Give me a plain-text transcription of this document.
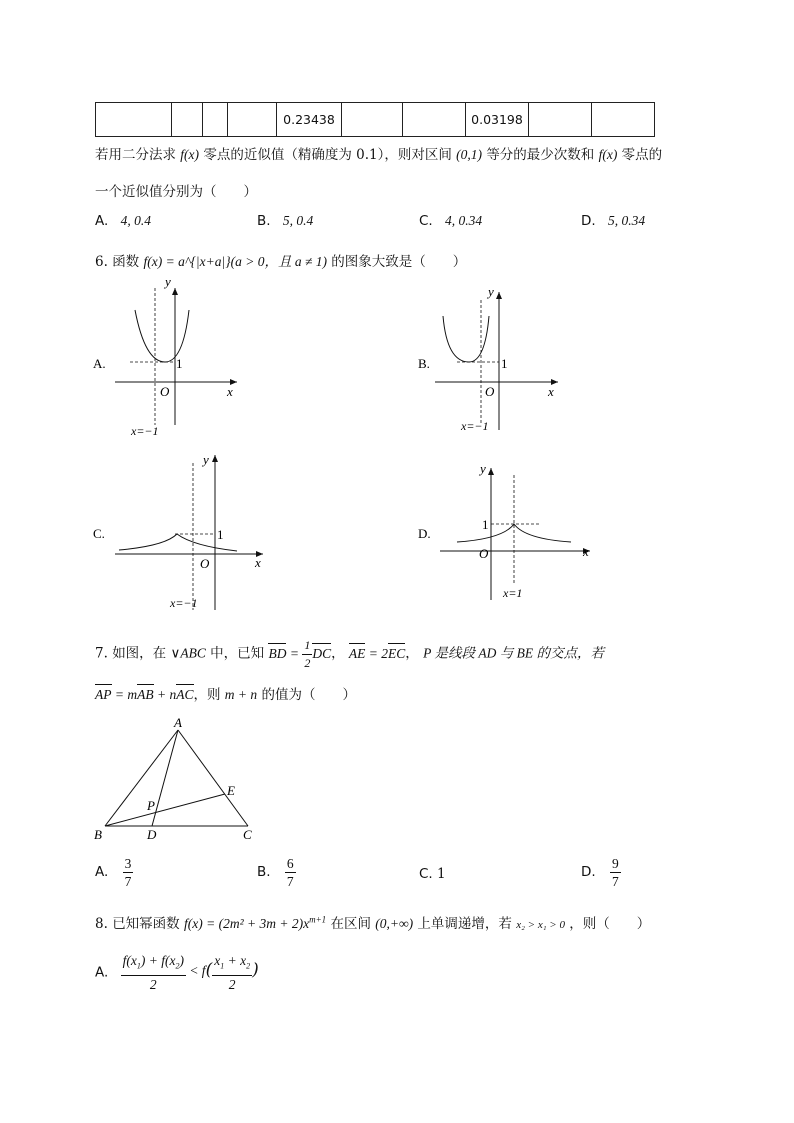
				0.23438			0.03198		
若用二分法求 f(x) 零点的近似值（精确度为 0.1），则对区间 (0,1) 等分的最少次数和 f(x) 零点的
一个近似值分别为（　　）
A. 4, 0.4	B. 5, 0.4	C. 4, 0.34	D. 5, 0.34
6. 函数 f(x) = a^{|x+a|}(a > 0，且 a ≠ 1) 的图象大致是（　　）
A.
y
x
O
1
x=−1
B.
y
x
O
1
x=−1
C.
y
x
O
1
x=−1
D.
y
x
O
1
x=1
7. 如图，在 ∨ABC 中，已知 BD = $\frac{1}{2}$ DC， AE = 2EC， P 是线段 AD 与 BE 的交点，若
AP = mAB + nAC，则 m + n 的值为（　　）
A
B	C
D
E
P
A. $\frac{3}{7}$	B. $\frac{6}{7}$	C. 1	D. $\frac{9}{7}$
8. 已知幂函数 $f(x) = (2m^2 + 3m + 2)x^{m+1}$ 在区间 (0,+∞) 上单调递增，若 x₂ > x₁ > 0 ，则（　　）
A. $\frac{f(x_1) + f(x_2)}{2} < f( \frac{x_1 + x_2}{2}$ )
